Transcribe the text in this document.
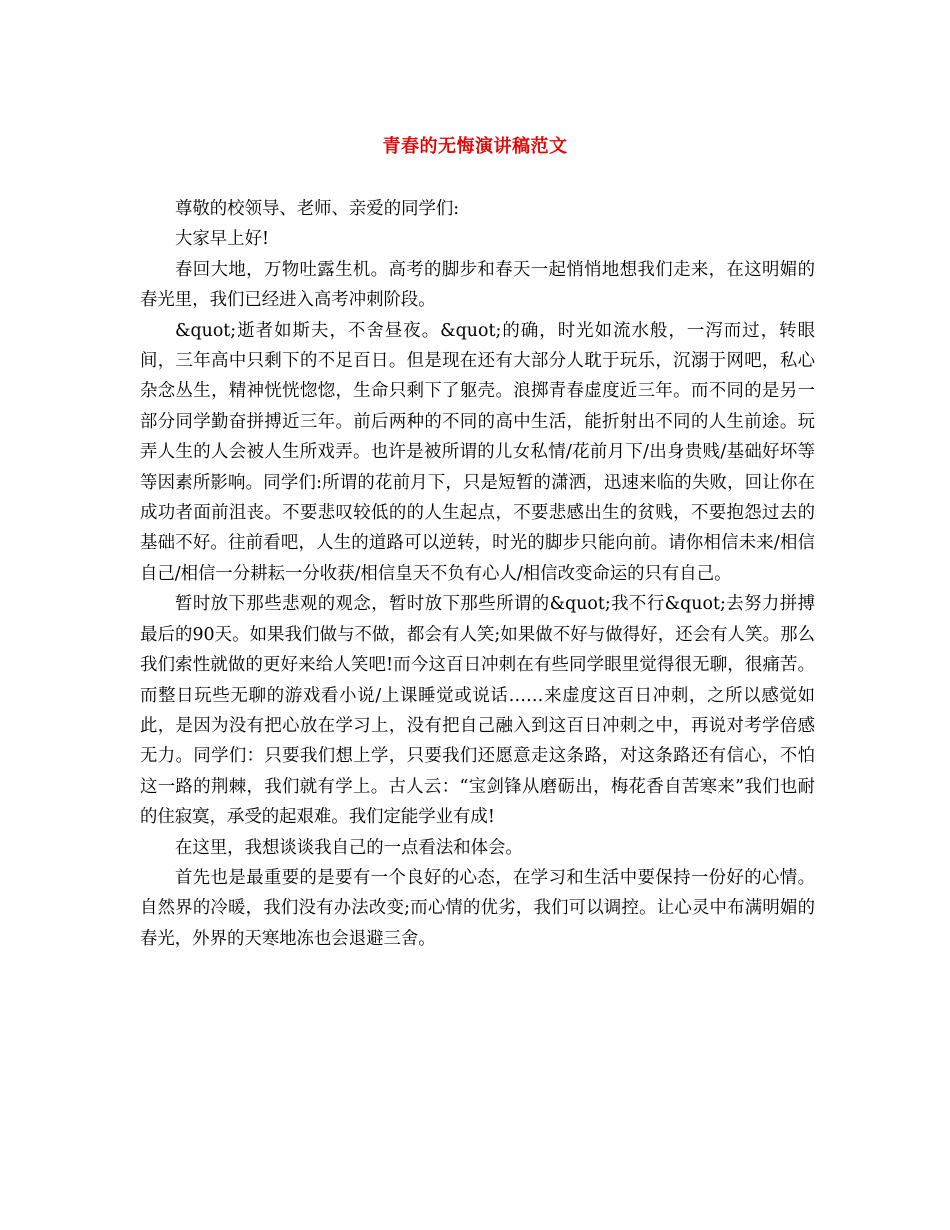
青春的无悔演讲稿范文

尊敬的校领导、老师、亲爱的同学们:

大家早上好!

春回大地，万物吐露生机。高考的脚步和春天一起悄悄地想我们走来，在这明媚的春光里，我们已经进入高考冲刺阶段。

&quot;逝者如斯夫，不舍昼夜。&quot;的确，时光如流水般，一泻而过，转眼间，三年高中只剩下的不足百日。但是现在还有大部分人耽于玩乐，沉溺于网吧，私心杂念丛生，精神恍恍惚惚，生命只剩下了躯壳。浪掷青春虚度近三年。而不同的是另一部分同学勤奋拼搏近三年。前后两种的不同的高中生活，能折射出不同的人生前途。玩弄人生的人会被人生所戏弄。也许是被所谓的儿女私情/花前月下/出身贵贱/基础好坏等等因素所影响。同学们:所谓的花前月下，只是短暂的潇洒，迅速来临的失败，回让你在成功者面前沮丧。不要悲叹较低的的人生起点，不要悲感出生的贫贱，不要抱怨过去的基础不好。往前看吧，人生的道路可以逆转，时光的脚步只能向前。请你相信未来/相信自己/相信一分耕耘一分收获/相信皇天不负有心人/相信改变命运的只有自己。

暂时放下那些悲观的观念，暂时放下那些所谓的&quot;我不行&quot;去努力拼搏最后的90天。如果我们做与不做，都会有人笑;如果做不好与做得好，还会有人笑。那么我们索性就做的更好来给人笑吧!而今这百日冲刺在有些同学眼里觉得很无聊，很痛苦。而整日玩些无聊的游戏看小说/上课睡觉或说话……来虚度这百日冲刺，之所以感觉如此，是因为没有把心放在学习上，没有把自己融入到这百日冲刺之中，再说对考学倍感无力。同学们：只要我们想上学，只要我们还愿意走这条路，对这条路还有信心，不怕这一路的荆棘，我们就有学上。古人云：“宝剑锋从磨砺出，梅花香自苦寒来”我们也耐的住寂寞，承受的起艰难。我们定能学业有成!

在这里，我想谈谈我自己的一点看法和体会。

首先也是最重要的是要有一个良好的心态，在学习和生活中要保持一份好的心情。自然界的冷暖，我们没有办法改变;而心情的优劣，我们可以调控。让心灵中布满明媚的春光，外界的天寒地冻也会退避三舍。
